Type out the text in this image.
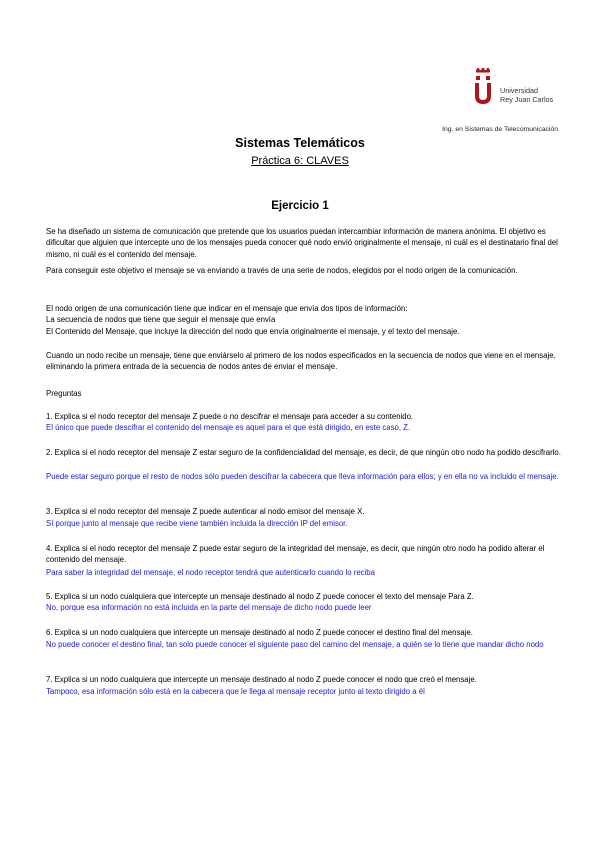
Universidad
Rey Juan Carlos
Ing. en Sistemas de Telecomunicación
Sistemas Telemáticos
Práctica 6: CLAVES
Ejercicio 1

Se ha diseñado un sistema de comunicación que pretende que los usuarios puedan intercambiar información de manera anónima. El objetivo es dificultar que alguien que intercepte uno de los mensajes pueda conocer qué nodo envió originalmente el mensaje, ni cuál es el destinatario final del mismo, ni cuál es el contenido del mensaje.

Para conseguir este objetivo el mensaje se va enviando a través de una serie de nodos, elegidos por el nodo origen de la comunicación.

El nodo origen de una comunicación tiene que indicar en el mensaje que envía dos tipos de información:

La secuencia de nodos que tiene que seguir el mensaje que envía

El Contenido del Mensaje, que incluye la dirección del nodo que envía originalmente el mensaje, y el texto del mensaje.

Cuando un nodo recibe un mensaje, tiene que enviárselo al primero de los nodos especificados en la secuencia de nodos que viene en el mensaje, eliminando la primera entrada de la secuencia de nodos antes de enviar el mensaje.

Preguntas

1. Explica si el nodo receptor del mensaje Z puede o no descifrar el mensaje para acceder a su contenido.

El único que puede descifrar el contenido del mensaje es aquel para el que está dirigido, en este caso, Z.

2. Explica si el nodo receptor del mensaje Z estar seguro de la confidencialidad del mensaje, es decir, de que ningún otro nodo ha podido descifrarlo.

Puede estar seguro porque el resto de nodos sólo pueden descifrar la cabecera que lleva información para ellos; y en ella no va incluido el mensaje.

3. Explica si el nodo receptor del mensaje Z puede autenticar al nodo emisor del mensaje X.

Sí porque junto al mensaje que recibe viene también incluida la dirección IP del emisor.

4. Explica si el nodo receptor del mensaje Z puede estar seguro de la integridad del mensaje, es decir, que ningún otro nodo ha podido alterar el contenido del mensaje.

Para saber la integridad del mensaje, el nodo receptor tendrá que autenticarlo cuando lo reciba

5. Explica si un nodo cualquiera que intercepte un mensaje destinado al nodo Z puede conocer el texto del mensaje Para Z.

No, porque esa información no está incluida en la parte del mensaje de dicho nodo puede leer

6. Explica si un nodo cualquiera que intercepte un mensaje destinado al nodo Z puede conocer el destino final del mensaje.

No puede conocer el destino final, tan solo puede conocer el siguiente paso del camino del mensaje, a quién se lo tiene que mandar dicho nodo

7. Explica si un nodo cualquiera que intercepte un mensaje destinado al nodo Z puede conocer el nodo que creó el mensaje.

Tampoco, esa información sólo está en la cabecera que le llega al mensaje receptor junto al texto dirigido a él
